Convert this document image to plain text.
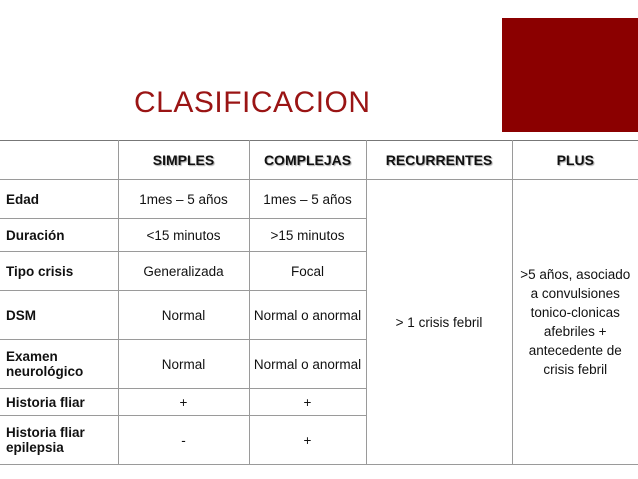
CLASIFICACION
	SIMPLES	COMPLEJAS	RECURRENTES	PLUS
Edad	1mes – 5 años	1mes – 5 años	> 1 crisis febril	>5 años, asociado a convulsiones tonico-clonicas afebriles + antecedente de crisis febril
Duración	<15 minutos	>15 minutos		
Tipo crisis	Generalizada	Focal		
DSM	Normal	Normal o anormal		
Examen neurológico	Normal	Normal o anormal		
Historia fliar	+	+		
Historia fliar epilepsia	-	+		
